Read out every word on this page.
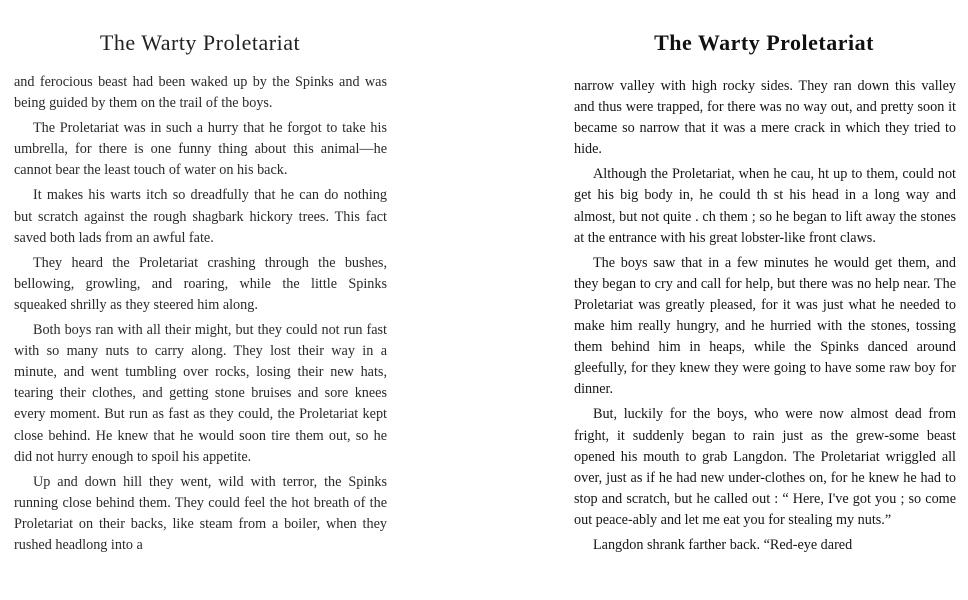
The Warty Proletariat

and ferocious beast had been waked up by the Spinks and was being guided by them on the trail of the boys.

The Proletariat was in such a hurry that he forgot to take his umbrella, for there is one funny thing about this animal—he cannot bear the least touch of water on his back.

It makes his warts itch so dreadfully that he can do nothing but scratch against the rough shagbark hickory trees. This fact saved both lads from an awful fate.

They heard the Proletariat crashing through the bushes, bellowing, growling, and roaring, while the little Spinks squeaked shrilly as they steered him along.

Both boys ran with all their might, but they could not run fast with so many nuts to carry along. They lost their way in a minute, and went tumbling over rocks, losing their new hats, tearing their clothes, and getting stone bruises and sore knees every moment. But run as fast as they could, the Proletariat kept close behind. He knew that he would soon tire them out, so he did not hurry enough to spoil his appetite.

Up and down hill they went, wild with terror, the Spinks running close behind them. They could feel the hot breath of the Proletariat on their backs, like steam from a boiler, when they rushed headlong into a

The Warty Proletariat

narrow valley with high rocky sides. They ran down this valley and thus were trapped, for there was no way out, and pretty soon it became so narrow that it was a mere crack in which they tried to hide.

Although the Proletariat, when he cau, ht up to them, could not get his big body in, he could th st his head in a long way and almost, but not quite . ch them ; so he began to lift away the stones at the entrance with his great lobster-like front claws.

The boys saw that in a few minutes he would get them, and they began to cry and call for help, but there was no help near. The Proletariat was greatly pleased, for it was just what he needed to make him really hungry, and he hurried with the stones, tossing them behind him in heaps, while the Spinks danced around gleefully, for they knew they were going to have some raw boy for dinner.

But, luckily for the boys, who were now almost dead from fright, it suddenly began to rain just as the grew-some beast opened his mouth to grab Langdon. The Proletariat wriggled all over, just as if he had new under-clothes on, for he knew he had to stop and scratch, but he called out : “ Here, I've got you ; so come out peace-ably and let me eat you for stealing my nuts.”

Langdon shrank farther back. “Red-eye dared
